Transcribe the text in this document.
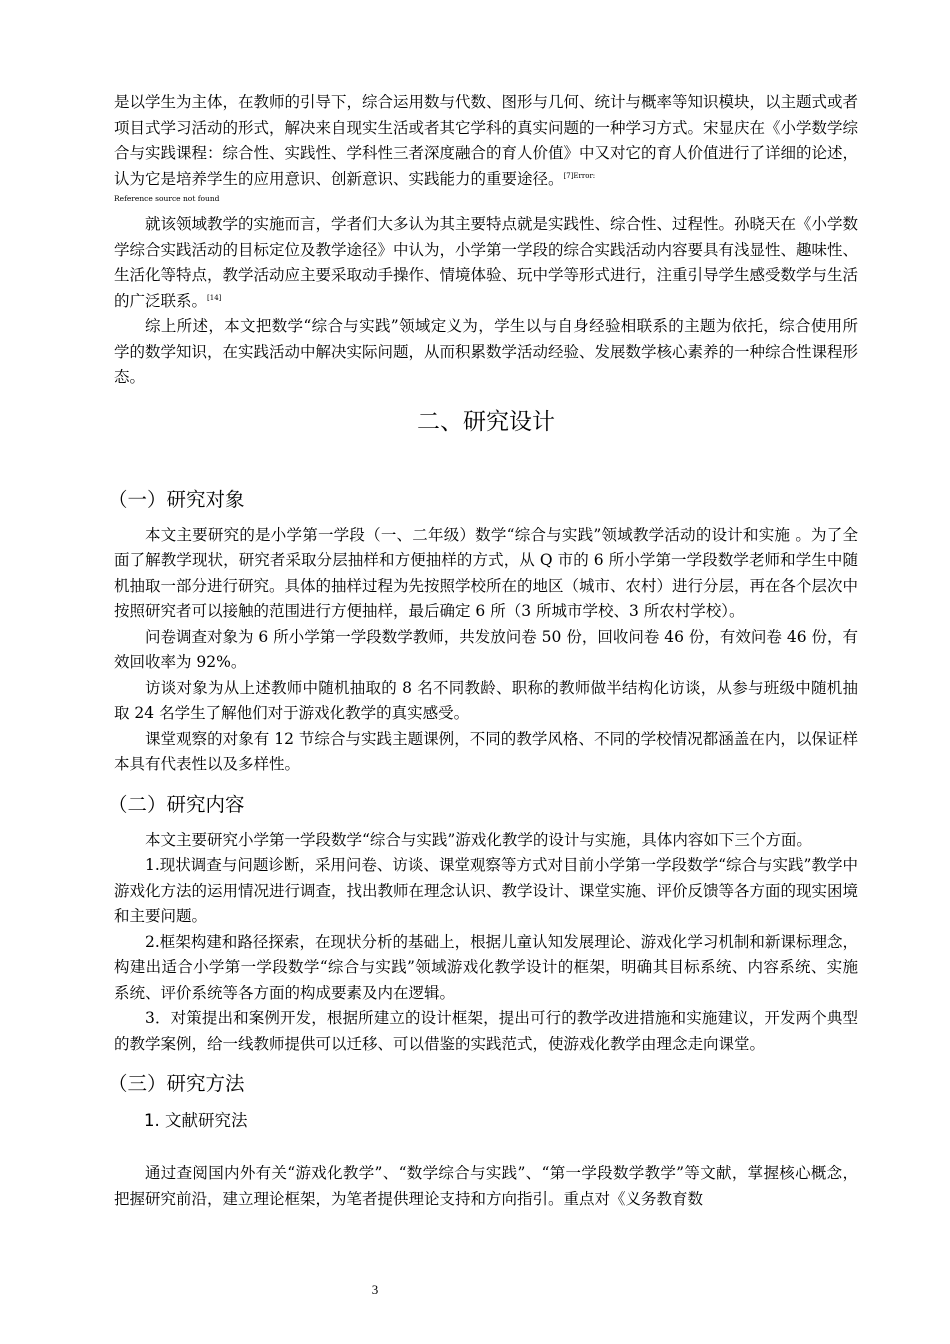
是以学生为主体，在教师的引导下，综合运用数与代数、图形与几何、统计与概率等知识模块，以主题式或者项目式学习活动的形式，解决来自现实生活或者其它学科的真实问题的一种学习方式。宋显庆在《小学数学综合与实践课程：综合性、实践性、学科性三者深度融合的育人价值》中又对它的育人价值进行了详细的论述，认为它是培养学生的应用意识、创新意识、实践能力的重要途径。$^{[7]Error:}$

Reference source not found

就该领域教学的实施而言，学者们大多认为其主要特点就是实践性、综合性、过程性。孙晓天在《小学数学综合实践活动的目标定位及教学途径》中认为，小学第一学段的综合实践活动内容要具有浅显性、趣味性、生活化等特点，教学活动应主要采取动手操作、情境体验、玩中学等形式进行，注重引导学生感受数学与生活的广泛联系。[14]

综上所述，本文把数学“综合与实践”领域定义为，学生以与自身经验相联系的主题为依托，综合使用所学的数学知识，在实践活动中解决实际问题，从而积累数学活动经验、发展数学核心素养的一种综合性课程形态。

二、研究设计
（一）研究对象

本文主要研究的是小学第一学段（一、二年级）数学“综合与实践”领域教学活动的设计和实施 。为了全面了解教学现状，研究者采取分层抽样和方便抽样的方式，从 Q 市的 6 所小学第一学段数学老师和学生中随机抽取一部分进行研究。具体的抽样过程为先按照学校所在的地区（城市、农村）进行分层，再在各个层次中按照研究者可以接触的范围进行方便抽样，最后确定 6 所（3 所城市学校、3 所农村学校）。

问卷调查对象为 6 所小学第一学段数学教师，共发放问卷 50 份，回收问卷 46 份，有效问卷 46 份，有效回收率为 92%。

访谈对象为从上述教师中随机抽取的 8 名不同教龄、职称的教师做半结构化访谈，从参与班级中随机抽取 24 名学生了解他们对于游戏化教学的真实感受。

课堂观察的对象有 12 节综合与实践主题课例，不同的教学风格、不同的学校情况都涵盖在内，以保证样本具有代表性以及多样性。

（二）研究内容

本文主要研究小学第一学段数学“综合与实践”游戏化教学的设计与实施，具体内容如下三个方面。

1.现状调查与问题诊断，采用问卷、访谈、课堂观察等方式对目前小学第一学段数学“综合与实践”教学中游戏化方法的运用情况进行调查，找出教师在理念认识、教学设计、课堂实施、评价反馈等各方面的现实困境和主要问题。

2.框架构建和路径探索，在现状分析的基础上，根据儿童认知发展理论、游戏化学习机制和新课标理念，构建出适合小学第一学段数学“综合与实践”领域游戏化教学设计的框架，明确其目标系统、内容系统、实施系统、评价系统等各方面的构成要素及内在逻辑。

3．对策提出和案例开发，根据所建立的设计框架，提出可行的教学改进措施和实施建议，开发两个典型的教学案例，给一线教师提供可以迁移、可以借鉴的实践范式，使游戏化教学由理念走向课堂。

（三）研究方法
1. 文献研究法

通过查阅国内外有关“游戏化教学”、“数学综合与实践”、“第一学段数学教学”等文献，掌握核心概念，把握研究前沿，建立理论框架，为笔者提供理论支持和方向指引。重点对《义务教育数

3
